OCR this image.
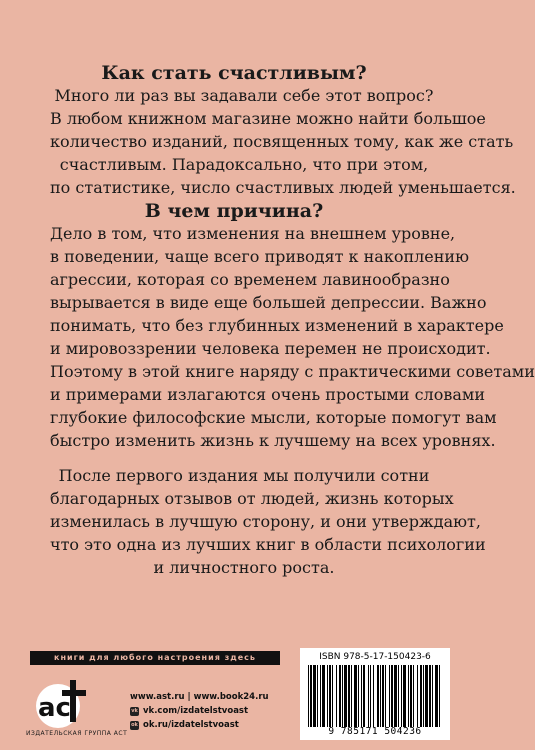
Как стать счастливым?
Много ли раз вы задавали себе этот вопрос?
В любом книжном магазине можно найти большое
количество изданий, посвященных тому, как же стать
счастливым. Парадоксально, что при этом,
по статистике, число счастливых людей уменьшается.
В чем причина?
Дело в том, что изменения на внешнем уровне,
в поведении, чаще всего приводят к накоплению
агрессии, которая со временем лавинообразно
вырывается в виде еще большей депрессии. Важно
понимать, что без глубинных изменений в характере
и мировоззрении человека перемен не происходит.
Поэтому в этой книге наряду с практическими советами
и примерами излагаются очень простыми словами
глубокие философские мысли, которые помогут вам
быстро изменить жизнь к лучшему на всех уровнях.
После первого издания мы получили сотни
благодарных отзывов от людей, жизнь которых
изменилась в лучшую сторону, и они утверждают,
что это одна из лучших книг в области психологии
и личностного роста.
книги для любого настроения здесь
ac
ИЗДАТЕЛЬСКАЯ ГРУППА АСТ
www.ast.ru | www.book24.ru
vk vk.com/izdatelstvoast
ok ok.ru/izdatelstvoast
ISBN 978-5-17-150423-6
9 785171 504236
